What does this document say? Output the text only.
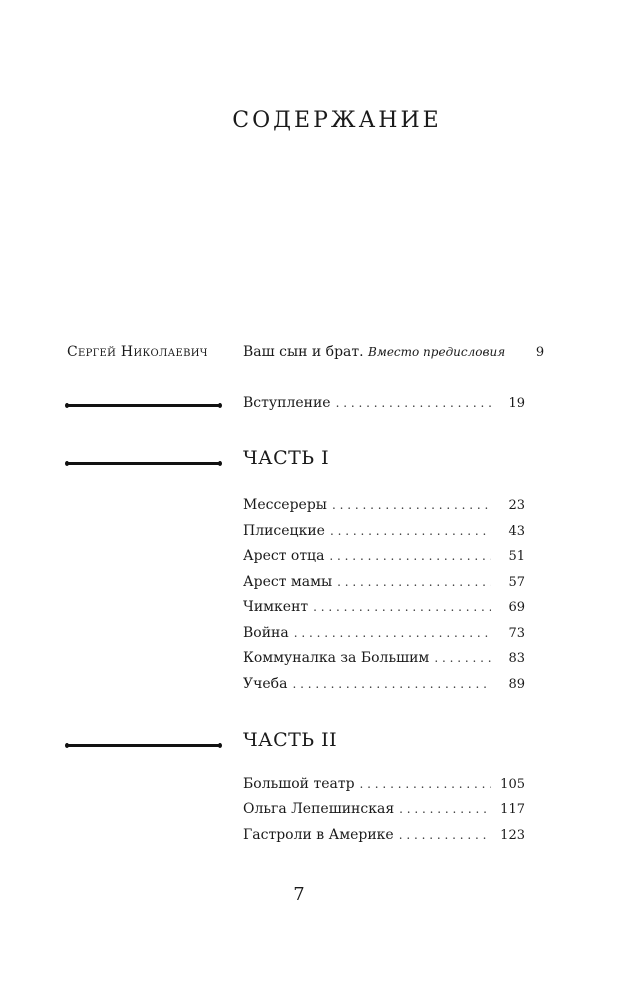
СОДЕРЖАНИЕ
Сергей Николаевич	Ваш сын и брат. Вместо предисловия	9
Вступление . . .	19
ЧАСТЬ I
Мессереры . . .	23
Плисецкие . . .	43
Арест отца . . .	51
Арест мамы . . .	57
Чимкент . . .	69
Война . . .	73
Коммуналка за Большим . . .	83
Учеба . . .	89
ЧАСТЬ II
Большой театр . . .	105
Ольга Лепешинская . . .	117
Гастроли в Америке . . .	123
7
